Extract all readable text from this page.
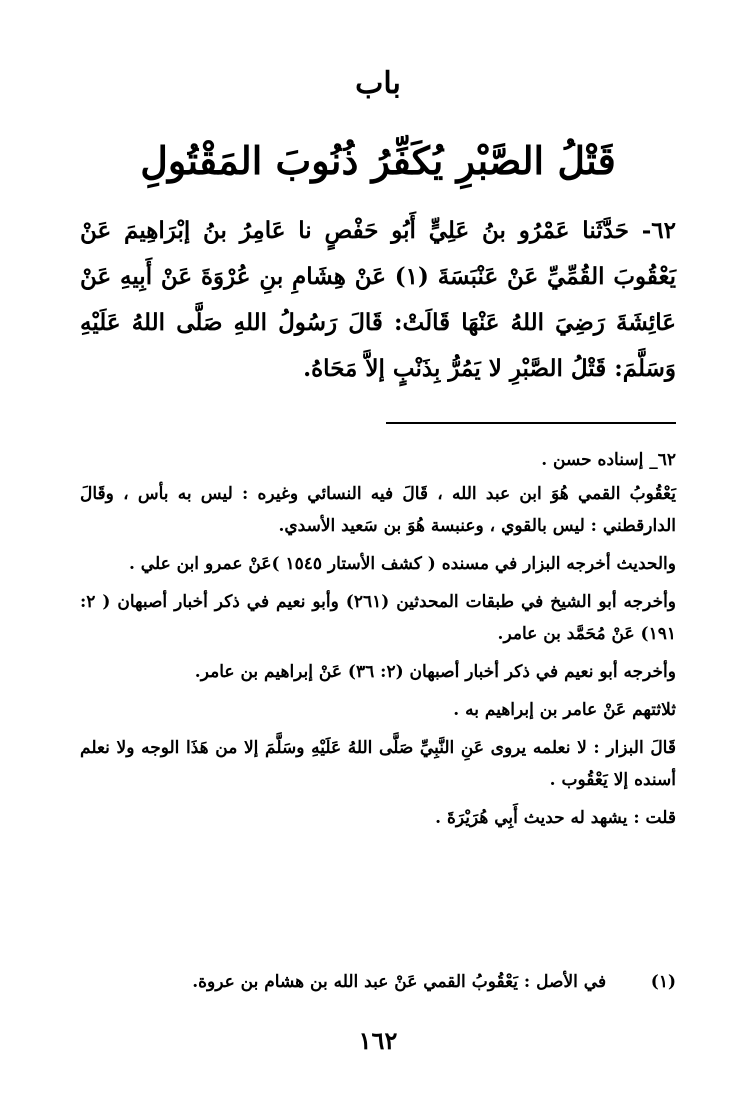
باب
قَتْلُ الصَّبْرِ يُكَفِّرُ ذُنُوبَ المَقْتُولِ
٦٢- حَدَّثَنا عَمْرُو بنُ عَلِيٍّ أَبُو حَفْصٍ نا عَامِرُ بنُ إبْرَاهِيمَ عَنْ يَعْقُوبَ القُمِّيِّ عَنْ عَنْبَسَةَ (١) عَنْ هِشَامِ بنِ عُرْوَةَ عَنْ أَبِيهِ عَنْ عَائِشَةَ رَضِيَ اللهُ عَنْهَا قَالَتْ: قَالَ رَسُولُ اللهِ صَلَّى اللهُ عَلَيْهِ وَسَلَّمَ: قَتْلُ الصَّبْرِ لا يَمُرُّ بِذَنْبٍ إلاَّ مَحَاهُ.

٦٢_ إسناده حسن .

يَعْقُوبُ القمي هُوَ ابن عبد الله ، قَالَ فيه النسائي وغيره : ليس به بأس ، وقَالَ الدارقطني : ليس بالقوي ، وعنبسة هُوَ بن سَعيد الأسدي.

والحديث أخرجه البزار في مسنده ( كشف الأستار ١٥٤٥ )عَنْ عمرو ابن علي .

وأخرجه أبو الشيخ في طبقات المحدثين (٢٦١) وأبو نعيم في ذكر أخبار أصبهان ( ٢: ١٩١) عَنْ مُحَمَّد بن عامر.

وأخرجه أبو نعيم في ذكر أخبار أصبهان (٢: ٣٦) عَنْ إبراهيم بن عامر.

ثلاثتهم عَنْ عامر بن إبراهيم به .

قَالَ البزار : لا نعلمه يروى عَنِ النَّبِيِّ صَلَّى اللهُ عَلَيْهِ وسَلَّمَ إلا من هَذَا الوجه ولا نعلم أسنده إلا يَعْقُوب .

قلت : يشهد له حديث أَبِي هُرَيْرَةَ .

(١) في الأصل : يَعْقُوبُ القمي عَنْ عبد الله بن هشام بن عروة.
١٦٢
